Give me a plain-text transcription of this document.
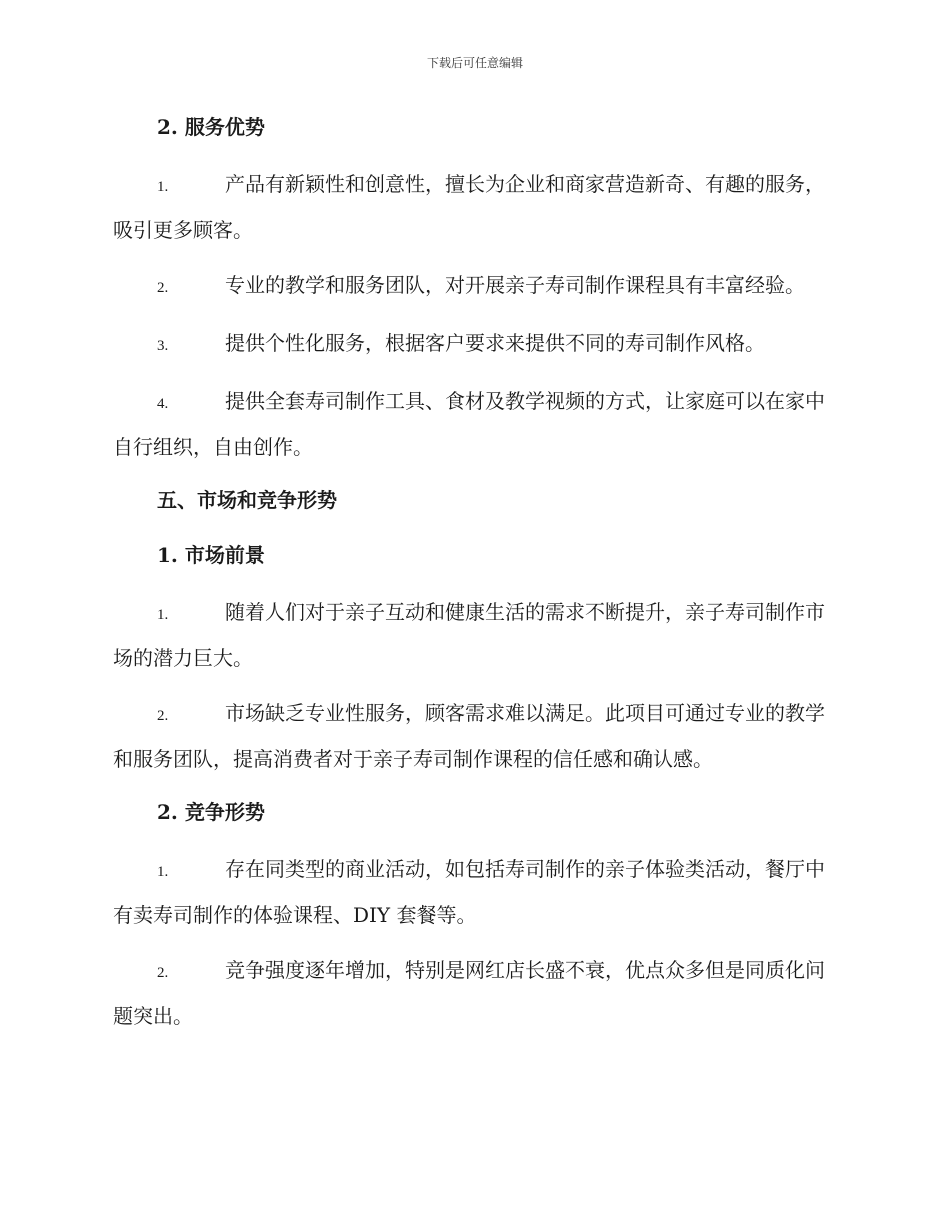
下载后可任意编辑
2. 服务优势
1.	产品有新颖性和创意性，擅长为企业和商家营造新奇、有趣的服务，吸引更多顾客。
2.	专业的教学和服务团队，对开展亲子寿司制作课程具有丰富经验。
3.	提供个性化服务，根据客户要求来提供不同的寿司制作风格。
4.	提供全套寿司制作工具、食材及教学视频的方式，让家庭可以在家中自行组织，自由创作。
五、市场和竞争形势
1. 市场前景
1.	随着人们对于亲子互动和健康生活的需求不断提升，亲子寿司制作市场的潜力巨大。
2.	市场缺乏专业性服务，顾客需求难以满足。此项目可通过专业的教学和服务团队，提高消费者对于亲子寿司制作课程的信任感和确认感。
2. 竞争形势
1.	存在同类型的商业活动，如包括寿司制作的亲子体验类活动，餐厅中有卖寿司制作的体验课程、DIY 套餐等。
2.	竞争强度逐年增加，特别是网红店长盛不衰，优点众多但是同质化问题突出。
